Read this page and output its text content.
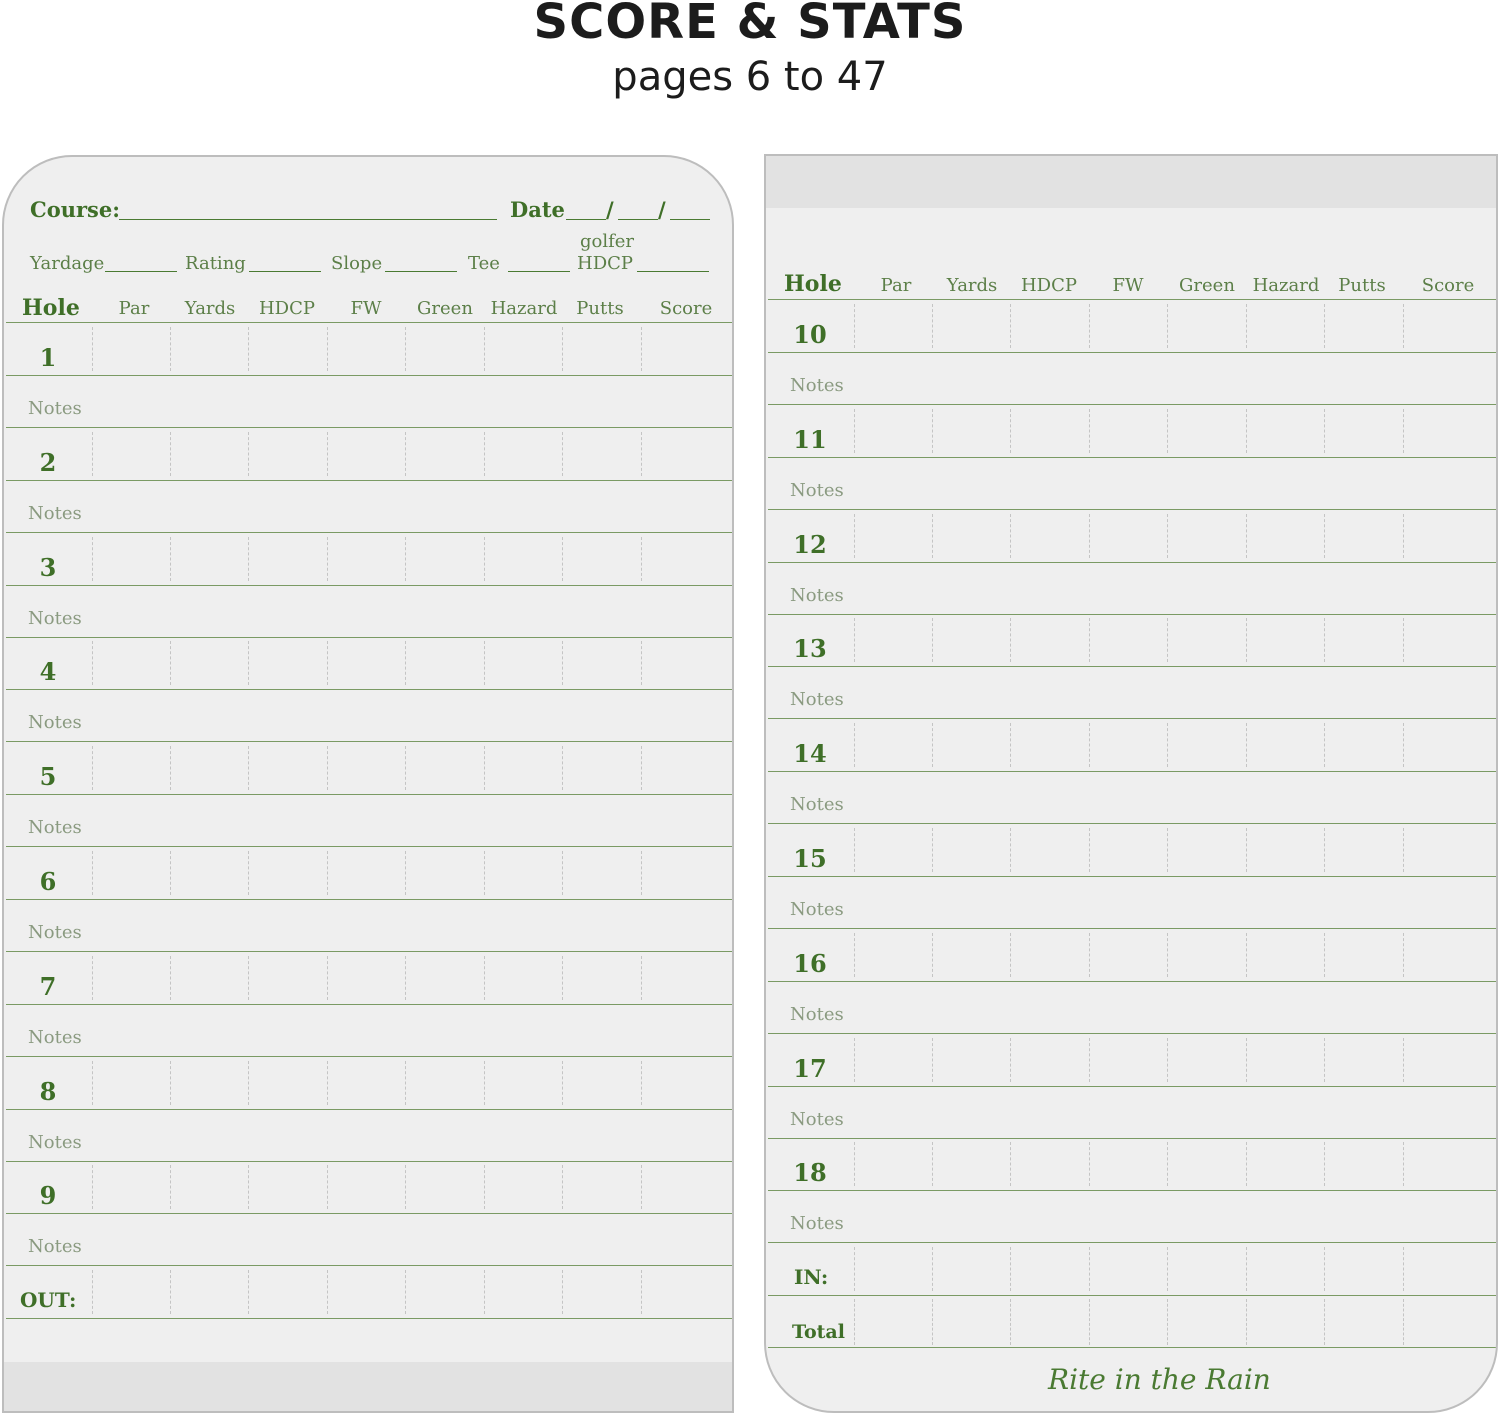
SCORE & STATS
pages 6 to 47
Course:	Date / /
Yardage	Rating	Slope	Tee
golfer
HDCP
Hole	Par	Yards	HDCP	FW	Green Hazard	Putts	Score
1
Notes
2
Notes
3
Notes
4
Notes
5
Notes
6
Notes
7
Notes
8
Notes
9
Notes
OUT:
Hole	Par	Yards	HDCP	FW	Green Hazard	Putts	Score
10
Notes
11
Notes
12
Notes
13
Notes
14
Notes
15
Notes
16
Notes
17
Notes
18
Notes
IN:
Total
Rite in the Rain
